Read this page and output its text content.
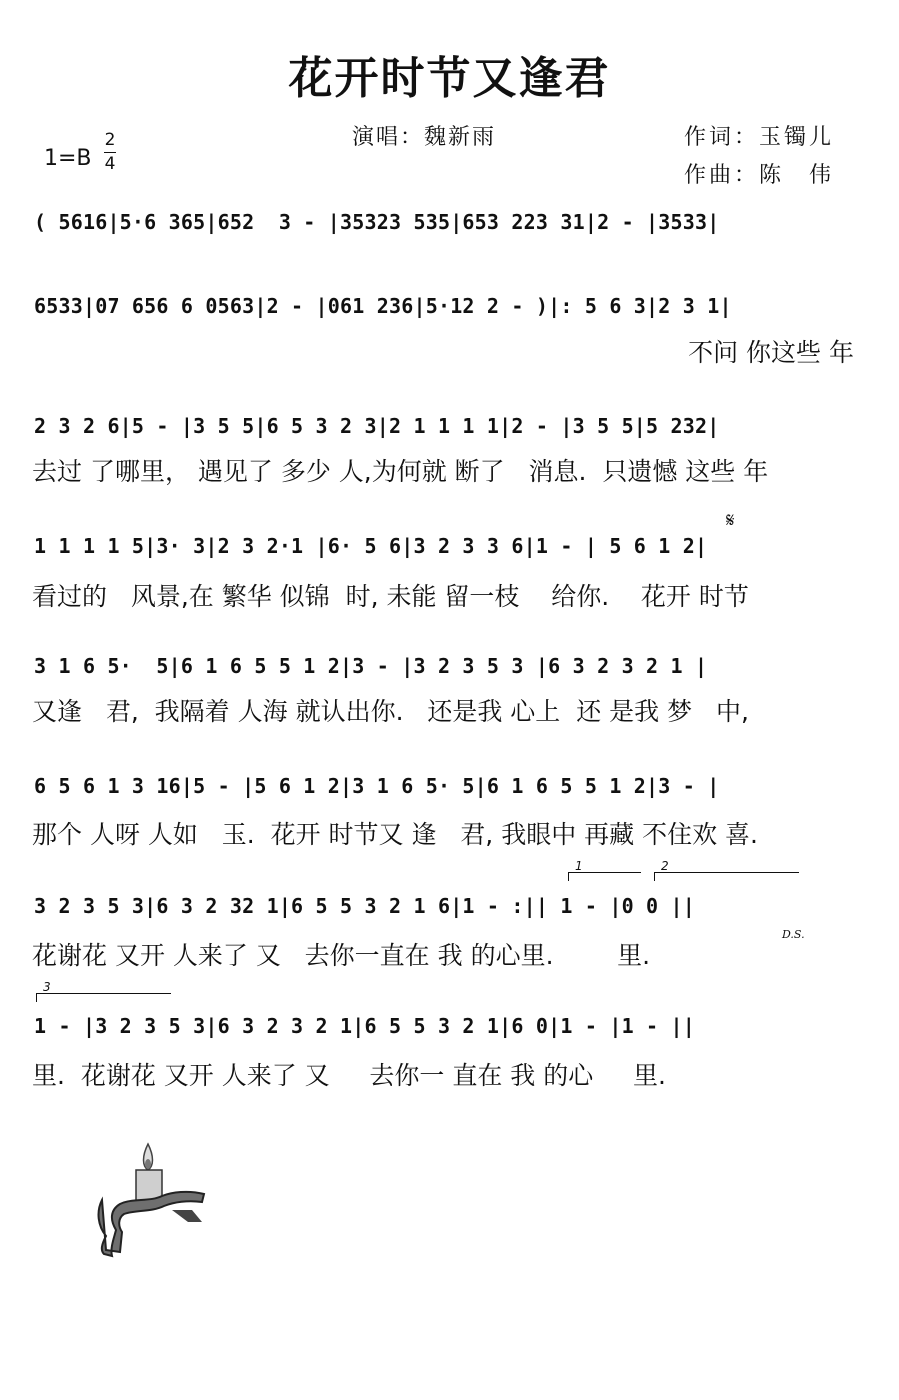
花开时节又逢君
演唱：魏新雨	作词：玉镯儿
作曲：陈　伟
1=B
2
4

( 5616|5·6 365|652  3 - |35323 535|653 223 31|2 - |3533|

6533|07 656 6 0563|2 - |061 236|5·12 2 - )|: 5 6 3|2 3 1|

不问 你这些 年

2 3 2 6|5 - |3 5 5|6 5 3 2 3|2 1 1 1 1|2 - |3 5 5|5 232|

去过 了哪里， 遇见了 多少 人,为何就 断了   消息.  只遗憾 这些 年
𝄋

1 1 1 1 5|3· 3|2 3 2·1 |6· 5 6|3 2 3 3 6|1 - | 5 6 1 2|

看过的   风景,在 繁华 似锦  时, 未能 留一枝    给你.    花开 时节

3 1 6 5·  5|6 1 6 5 5 1 2|3 - |3 2 3 5 3 |6 3 2 3 2 1 |

又逢   君,  我隔着 人海 就认出你.   还是我 心上  还 是我 梦   中,

6 5 6 1 3 16|5 - |5 6 1 2|3 1 6 5· 5|6 1 6 5 5 1 2|3 - |

那个 人呀 人如   玉.  花开 时节又 逢   君, 我眼中 再藏 不住欢 喜.
1	2

3 2 3 5 3|6 3 2 32 1|6 5 5 3 2 1 6|1 - :|| 1 - |0 0 ||

D.S.
花谢花 又开 人来了 又   去你一直在 我 的心里.        里.
3

1 - |3 2 3 5 3|6 3 2 3 2 1|6 5 5 3 2 1|6 0|1 - |1 - ||

里.  花谢花 又开 人来了 又     去你一 直在 我 的心     里.
